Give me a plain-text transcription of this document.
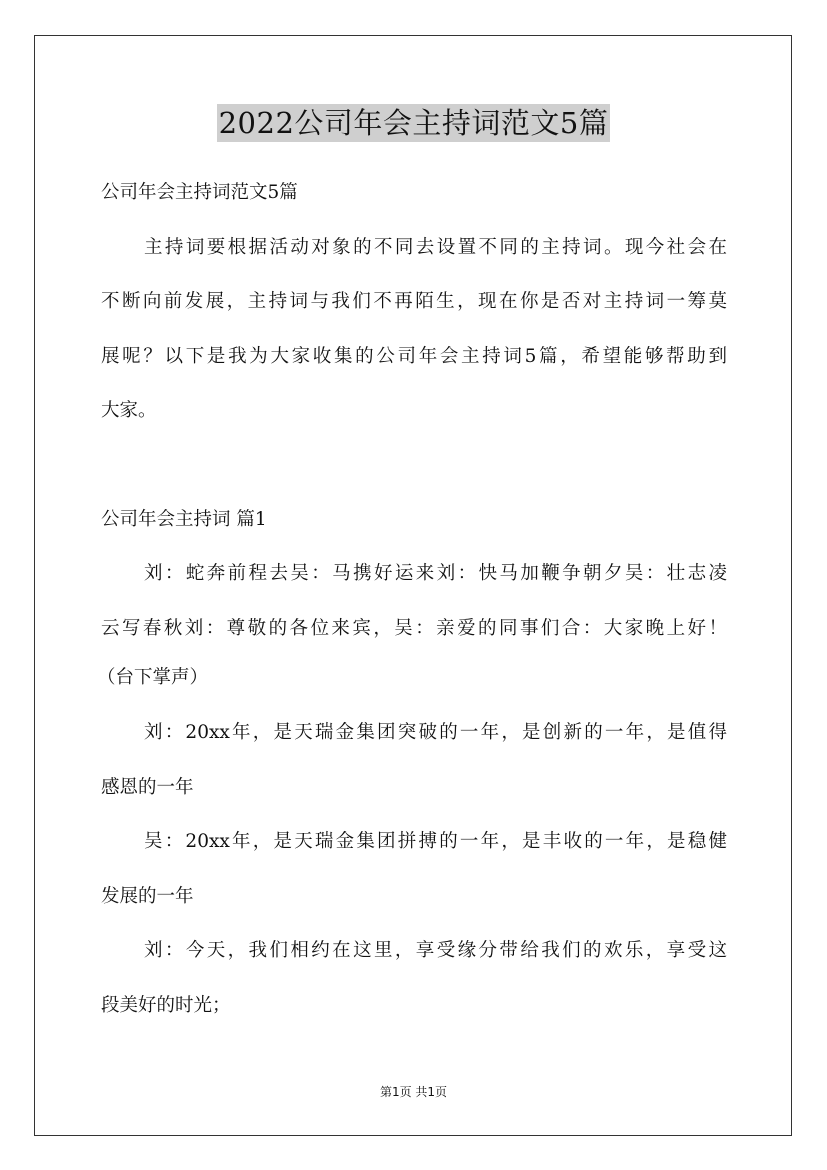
2022公司年会主持词范文5篇
公司年会主持词范文5篇
主持词要根据活动对象的不同去设置不同的主持词。现今社会在
不断向前发展，主持词与我们不再陌生，现在你是否对主持词一筹莫
展呢？以下是我为大家收集的公司年会主持词5篇，希望能够帮助到
大家。
公司年会主持词 篇1
刘：蛇奔前程去吴：马携好运来刘：快马加鞭争朝夕吴：壮志凌
云写春秋刘：尊敬的各位来宾，吴：亲爱的同事们合：大家晚上好！
（台下掌声）
刘：20xx年，是天瑞金集团突破的一年，是创新的一年，是值得
感恩的一年
吴：20xx年，是天瑞金集团拼搏的一年，是丰收的一年，是稳健
发展的一年
刘：今天，我们相约在这里，享受缘分带给我们的欢乐，享受这
段美好的时光；
第1页 共1页
